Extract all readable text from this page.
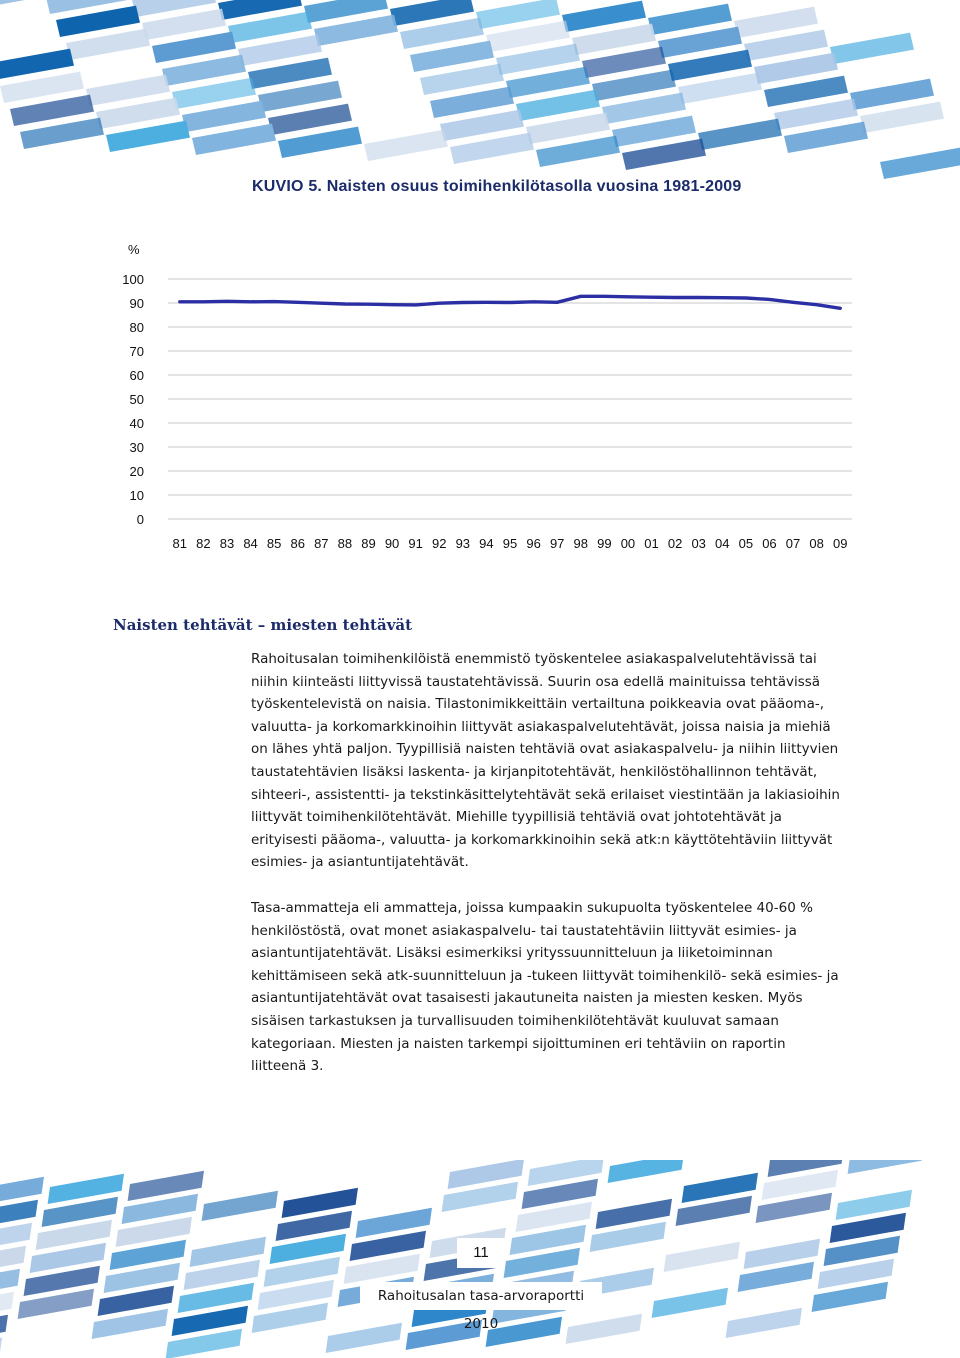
KUVIO 5. Naisten osuus toimihenkilötasolla vuosina 1981-2009
%
0
10
20
30
40
50
60
70
80
90
100
81 82 83 84 85 86 87 88 89 90 91 92 93 94 95 96 97 98 99 00 01 02 03 04 05 06 07 08 09
Naisten tehtävät – miesten tehtävät

Rahoitusalan toimihenkilöistä enemmistö työskentelee asiakaspalvelutehtävissä tai niihin kiinteästi liittyvissä taustatehtävissä. Suurin osa edellä mainituissa tehtävissä työskentelevistä on naisia. Tilastonimikkeittäin vertailtuna poikkeavia ovat pääoma-, valuutta- ja korkomarkkinoihin liittyvät asiakaspalvelutehtävät, joissa naisia ja miehiä on lähes yhtä paljon. Tyypillisiä naisten tehtäviä ovat asiakaspalvelu- ja niihin liittyvien taustatehtävien lisäksi laskenta- ja kirjanpitotehtävät, henkilöstöhallinnon tehtävät, sihteeri-, assistentti- ja tekstinkäsittelytehtävät sekä erilaiset viestintään ja lakiasioihin liittyvät toimihenkilötehtävät. Miehille tyypillisiä tehtäviä ovat johtotehtävät ja erityisesti pääoma-, valuutta- ja korkomarkkinoihin sekä atk:n käyttötehtäviin liittyvät esimies- ja asiantuntijatehtävät.

Tasa-ammatteja eli ammatteja, joissa kumpaakin sukupuolta työskentelee 40-60 % henkilöstöstä, ovat monet asiakaspalvelu- tai taustatehtäviin liittyvät esimies- ja asiantuntijatehtävät. Lisäksi esimerkiksi yrityssuunnitteluun ja liiketoiminnan kehittämiseen sekä atk-suunnitteluun ja -tukeen liittyvät toimihenkilö- sekä esimies- ja asiantuntijatehtävät ovat tasaisesti jakautuneita naisten ja miesten kesken. Myös sisäisen tarkastuksen ja turvallisuuden toimihenkilötehtävät kuuluvat samaan kategoriaan. Miesten ja naisten tarkempi sijoittuminen eri tehtäviin on raportin liitteenä 3.

11
Rahoitusalan tasa-arvoraportti 2010
